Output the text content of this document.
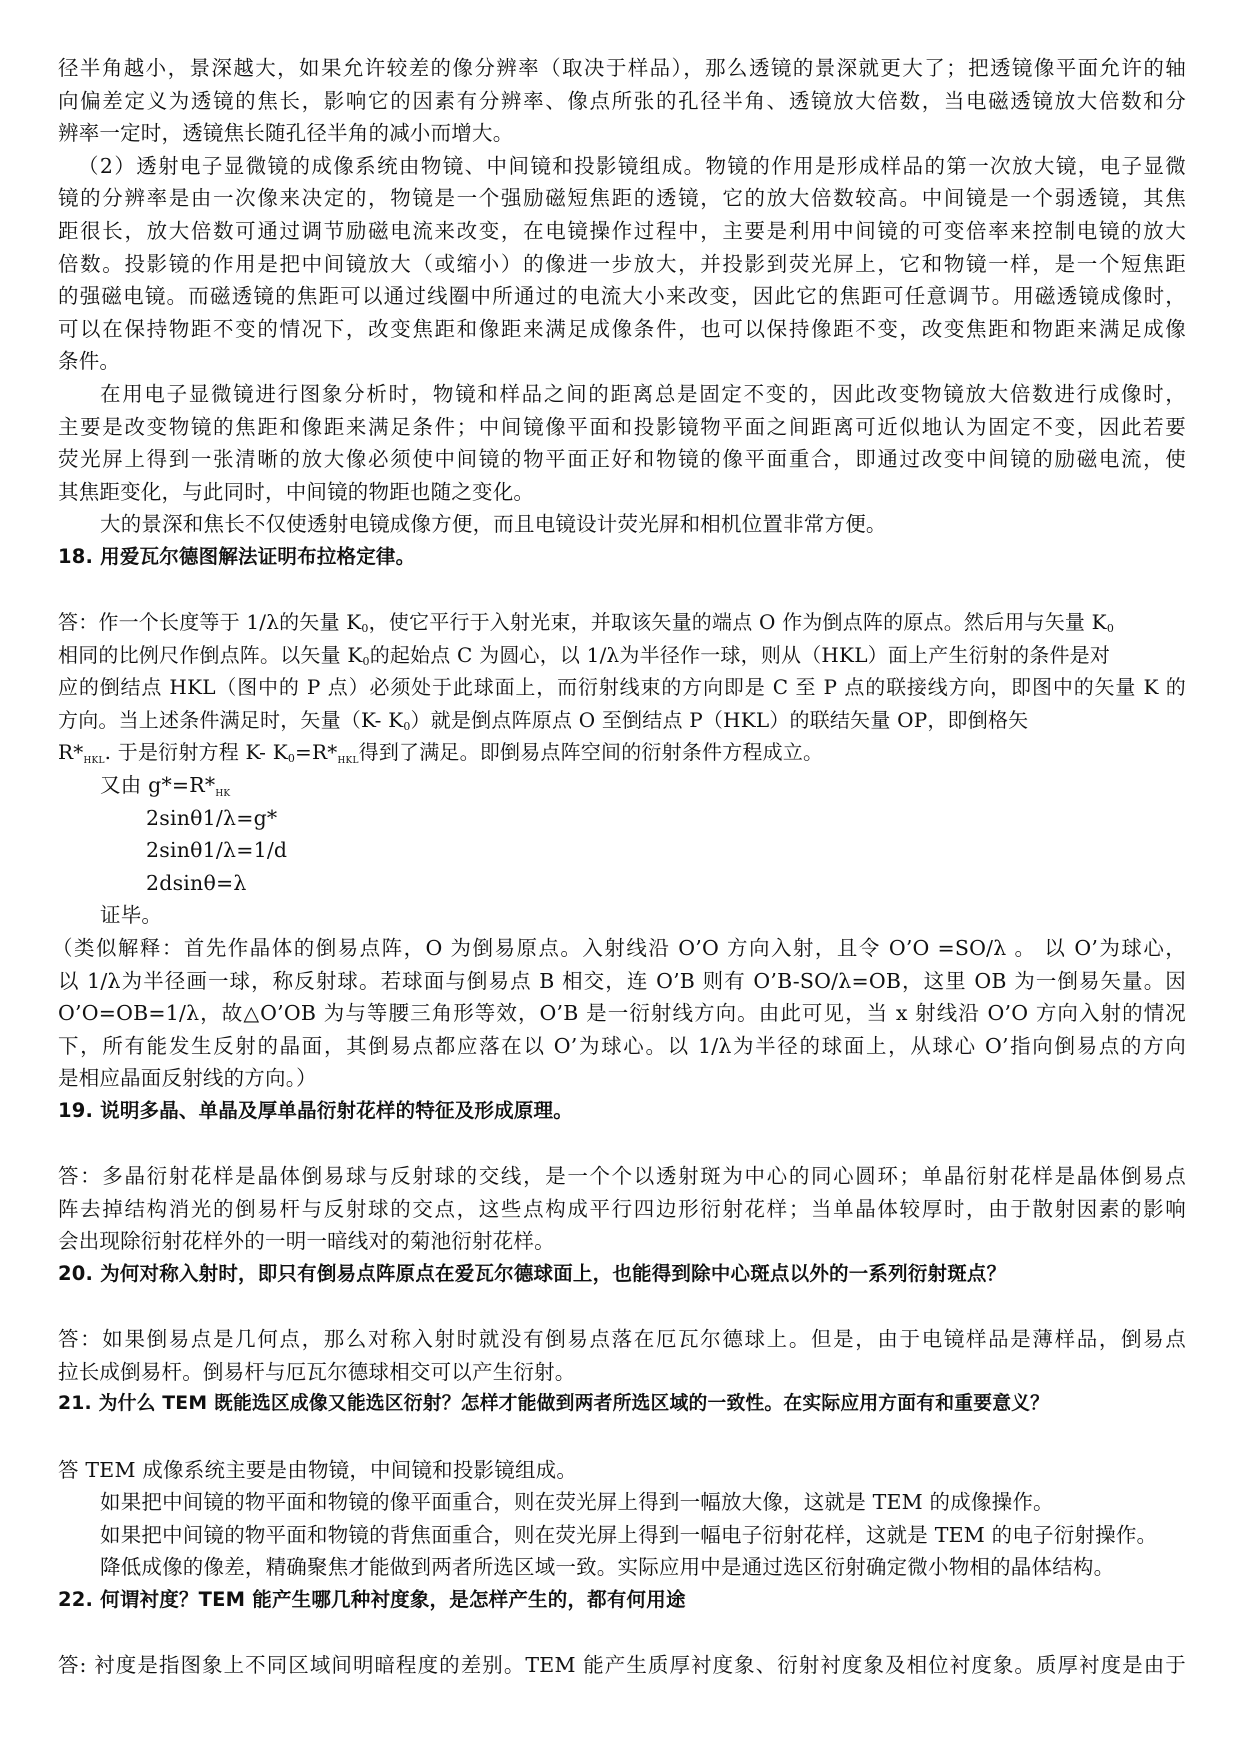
径半角越小，景深越大，如果允许较差的像分辨率（取决于样品），那么透镜的景深就更大了；把透镜像平面允许的轴
向偏差定义为透镜的焦长，影响它的因素有分辨率、像点所张的孔径半角、透镜放大倍数，当电磁透镜放大倍数和分
辨率一定时，透镜焦长随孔径半角的减小而增大。
（2）透射电子显微镜的成像系统由物镜、中间镜和投影镜组成。物镜的作用是形成样品的第一次放大镜，电子显微
镜的分辨率是由一次像来决定的，物镜是一个强励磁短焦距的透镜，它的放大倍数较高。中间镜是一个弱透镜，其焦
距很长，放大倍数可通过调节励磁电流来改变，在电镜操作过程中，主要是利用中间镜的可变倍率来控制电镜的放大
倍数。投影镜的作用是把中间镜放大（或缩小）的像进一步放大，并投影到荧光屏上，它和物镜一样，是一个短焦距
的强磁电镜。而磁透镜的焦距可以通过线圈中所通过的电流大小来改变，因此它的焦距可任意调节。用磁透镜成像时，
可以在保持物距不变的情况下，改变焦距和像距来满足成像条件，也可以保持像距不变，改变焦距和物距来满足成像
条件。
在用电子显微镜进行图象分析时，物镜和样品之间的距离总是固定不变的，因此改变物镜放大倍数进行成像时，
主要是改变物镜的焦距和像距来满足条件；中间镜像平面和投影镜物平面之间距离可近似地认为固定不变，因此若要
荧光屏上得到一张清晰的放大像必须使中间镜的物平面正好和物镜的像平面重合，即通过改变中间镜的励磁电流，使
其焦距变化，与此同时，中间镜的物距也随之变化。
大的景深和焦长不仅使透射电镜成像方便，而且电镜设计荧光屏和相机位置非常方便。
18. 用爱瓦尔德图解法证明布拉格定律。
答：作一个长度等于 1/λ的矢量 $K_0$，使它平行于入射光束，并取该矢量的端点 O 作为倒点阵的原点。然后用与矢量 $K_0$
相同的比例尺作倒点阵。以矢量 $K_0$的起始点 C 为圆心，以 1/λ为半径作一球，则从（HKL）面上产生衍射的条件是对
应的倒结点 HKL（图中的 P 点）必须处于此球面上，而衍射线束的方向即是 C 至 P 点的联接线方向，即图中的矢量 K 的
方向。当上述条件满足时，矢量（K- $K_0$）就是倒点阵原点 O 至倒结点 P（HKL）的联结矢量 OP，即倒格矢
$R*_{HKL}$. 于是衍射方程 K- $K_0=R*_{HKL}$得到了满足。即倒易点阵空间的衍射条件方程成立。
又由 g*=R*HK
2sinθ1/λ=g*
2sinθ1/λ=1/d
2dsinθ=λ
证毕。
（类似解释：首先作晶体的倒易点阵，O 为倒易原点。入射线沿 O’O 方向入射，且令 O’O =SO/λ 。 以 O’为球心，
以 1/λ为半径画一球，称反射球。若球面与倒易点 B 相交，连 O’B 则有 O’B-SO/λ=OB，这里 OB 为一倒易矢量。因
O’O=OB=1/λ，故△O’OB 为与等腰三角形等效，O’B 是一衍射线方向。由此可见，当 x 射线沿 O’O 方向入射的情况
下，所有能发生反射的晶面，其倒易点都应落在以 O’为球心。以 1/λ为半径的球面上，从球心 O’指向倒易点的方向
是相应晶面反射线的方向。）
19. 说明多晶、单晶及厚单晶衍射花样的特征及形成原理。
答：多晶衍射花样是晶体倒易球与反射球的交线，是一个个以透射斑为中心的同心圆环；单晶衍射花样是晶体倒易点
阵去掉结构消光的倒易杆与反射球的交点，这些点构成平行四边形衍射花样；当单晶体较厚时，由于散射因素的影响
会出现除衍射花样外的一明一暗线对的菊池衍射花样。
20. 为何对称入射时，即只有倒易点阵原点在爱瓦尔德球面上，也能得到除中心斑点以外的一系列衍射斑点？
答：如果倒易点是几何点，那么对称入射时就没有倒易点落在厄瓦尔德球上。但是，由于电镜样品是薄样品，倒易点
拉长成倒易杆。倒易杆与厄瓦尔德球相交可以产生衍射。
21. 为什么 TEM 既能选区成像又能选区衍射？怎样才能做到两者所选区域的一致性。在实际应用方面有和重要意义？
答 TEM 成像系统主要是由物镜，中间镜和投影镜组成。
如果把中间镜的物平面和物镜的像平面重合，则在荧光屏上得到一幅放大像，这就是 TEM 的成像操作。
如果把中间镜的物平面和物镜的背焦面重合，则在荧光屏上得到一幅电子衍射花样，这就是 TEM 的电子衍射操作。
降低成像的像差，精确聚焦才能做到两者所选区域一致。实际应用中是通过选区衍射确定微小物相的晶体结构。
22. 何谓衬度？TEM 能产生哪几种衬度象，是怎样产生的，都有何用途
答: 衬度是指图象上不同区域间明暗程度的差别。TEM 能产生质厚衬度象、衍射衬度象及相位衬度象。质厚衬度是由于
